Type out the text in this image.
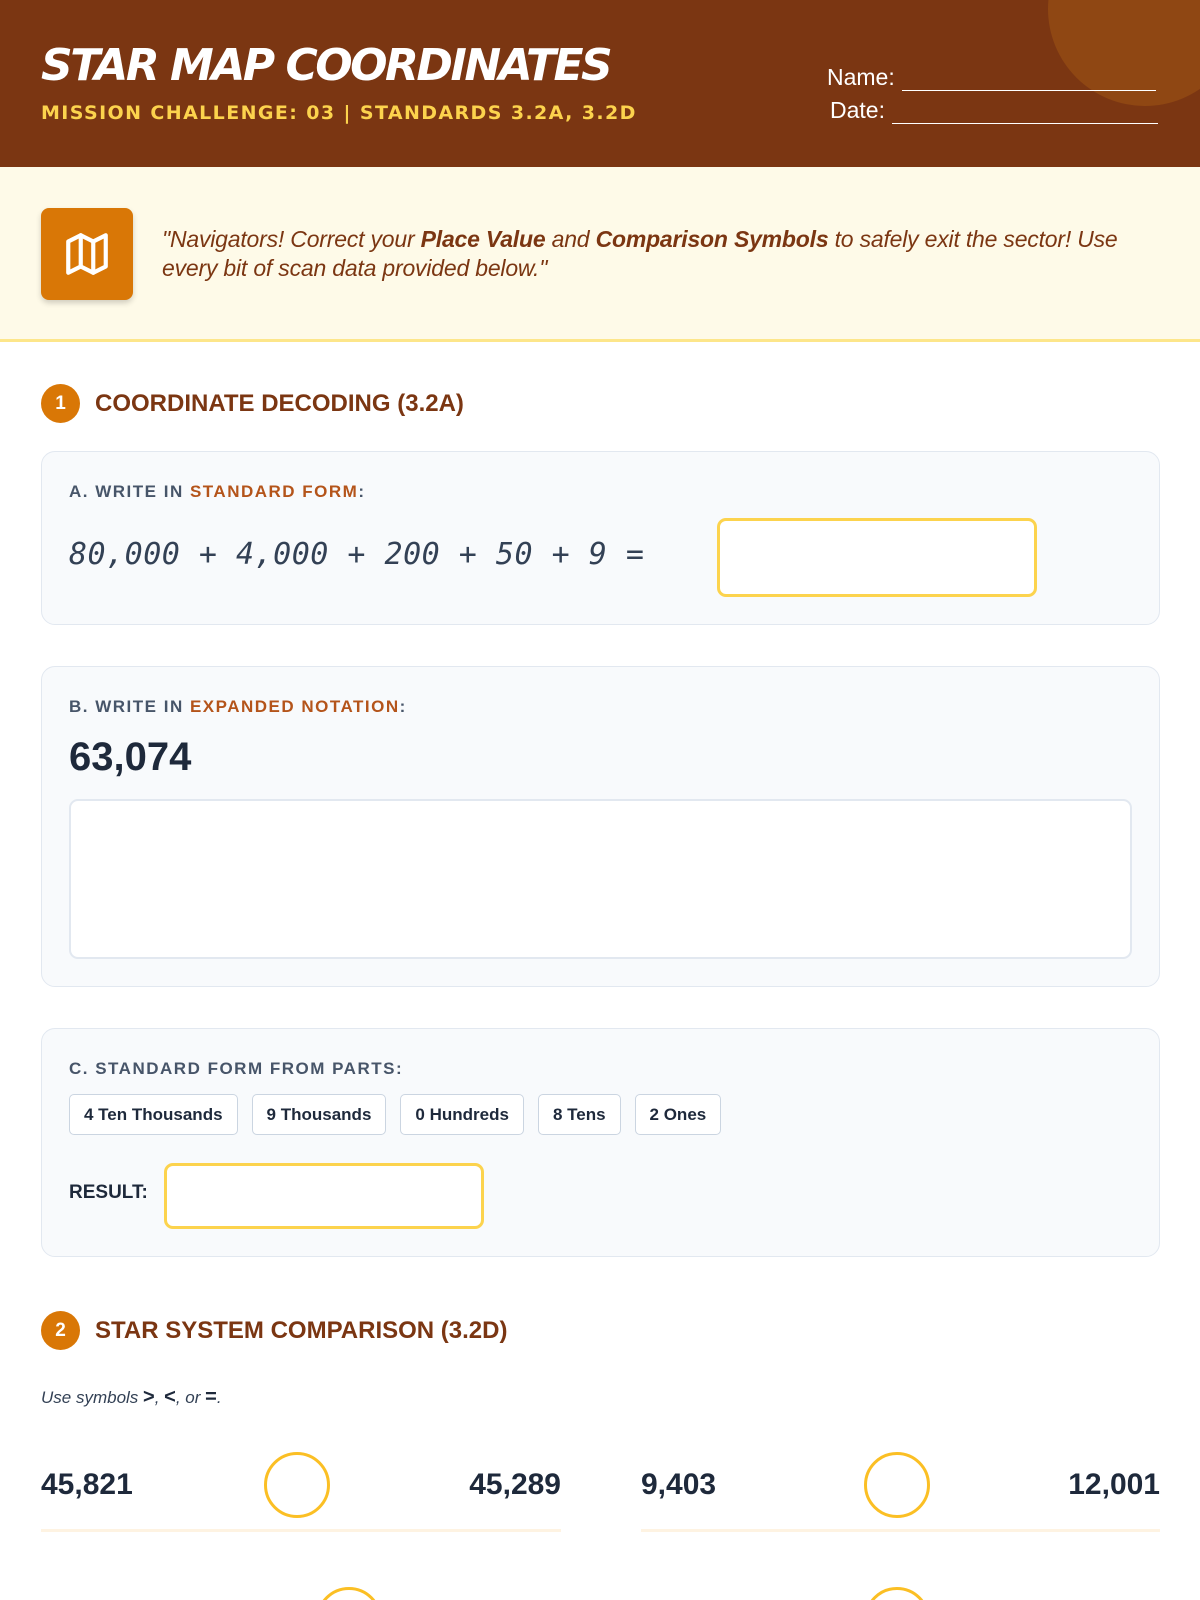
STAR MAP COORDINATES
MISSION CHALLENGE: 03 | STANDARDS 3.2A, 3.2D
Name:
Date:
"Navigators! Correct your Place Value and Comparison Symbols to safely exit the sector! Use every bit of scan data provided below."
1	COORDINATE DECODING (3.2A)
A. WRITE IN STANDARD FORM:
80,000 + 4,000 + 200 + 50 + 9 =
B. WRITE IN EXPANDED NOTATION:
63,074
C. STANDARD FORM FROM PARTS:
4 Ten Thousands	9 Thousands	0 Hundreds	8 Tens	2 Ones
RESULT:
2	STAR SYSTEM COMPARISON (3.2D)
Use symbols >, <, or =.
45,821	45,289	9,403	12,001
